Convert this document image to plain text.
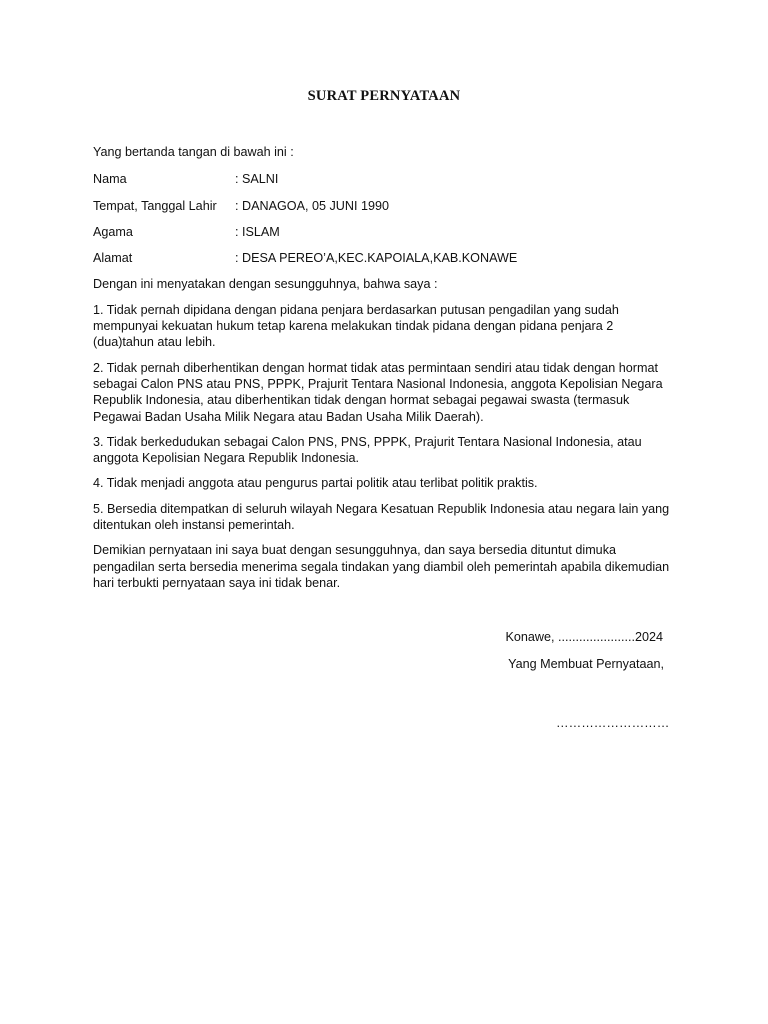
SURAT PERNYATAAN

Yang bertanda tangan di bawah ini :

Nama	: SALNI
Tempat, Tanggal Lahir	: DANAGOA, 05 JUNI 1990
Agama	: ISLAM
Alamat	: DESA PEREO’A,KEC.KAPOIALA,KAB.KONAWE

Dengan ini menyatakan dengan sesungguhnya, bahwa saya :

1. Tidak pernah dipidana dengan pidana penjara berdasarkan putusan pengadilan yang sudah mempunyai kekuatan hukum tetap karena melakukan tindak pidana dengan pidana penjara 2 (dua)tahun atau lebih.

2. Tidak pernah diberhentikan dengan hormat tidak atas permintaan sendiri atau tidak dengan hormat sebagai Calon PNS atau PNS, PPPK, Prajurit Tentara Nasional Indonesia, anggota Kepolisian Negara Republik Indonesia, atau diberhentikan tidak dengan hormat sebagai pegawai swasta (termasuk Pegawai Badan Usaha Milik Negara atau Badan Usaha Milik Daerah).

3. Tidak berkedudukan sebagai Calon PNS, PNS, PPPK, Prajurit Tentara Nasional Indonesia, atau anggota Kepolisian Negara Republik Indonesia.

4. Tidak menjadi anggota atau pengurus partai politik atau terlibat politik praktis.

5. Bersedia ditempatkan di seluruh wilayah Negara Kesatuan Republik Indonesia atau negara lain yang ditentukan oleh instansi pemerintah.

Demikian pernyataan ini saya buat dengan sesungguhnya, dan saya bersedia dituntut dimuka pengadilan serta bersedia menerima segala tindakan yang diambil oleh pemerintah apabila dikemudian hari terbukti pernyataan saya ini tidak benar.

Konawe, ......................2024
Yang Membuat Pernyataan,
………………………
